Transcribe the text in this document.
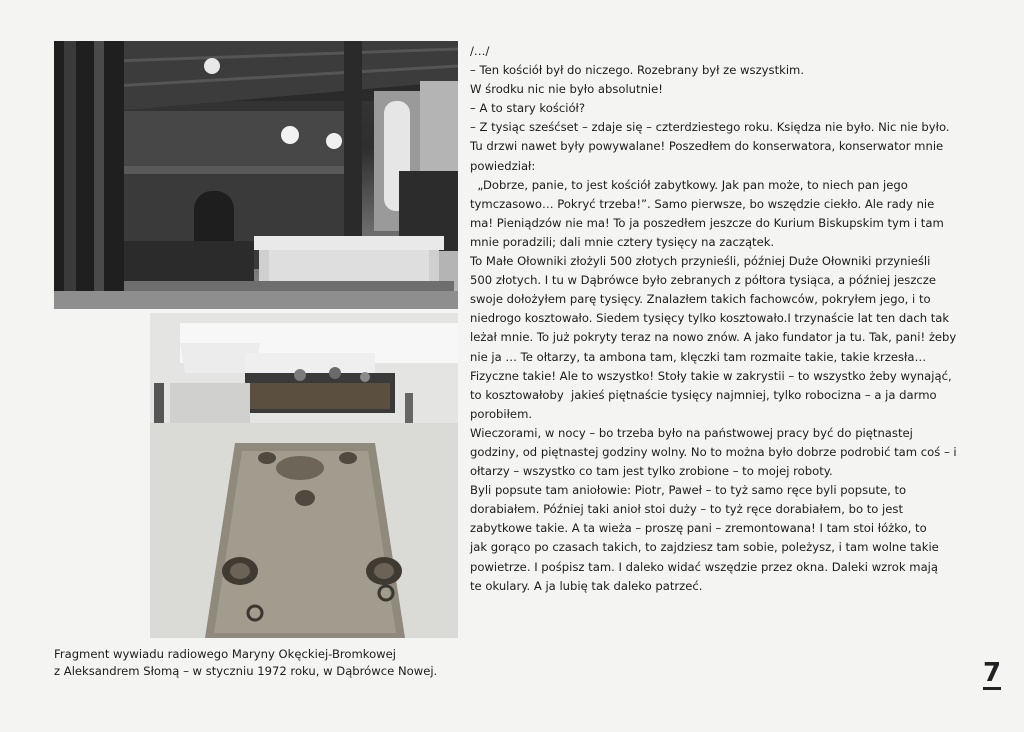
Fragment wywiadu radiowego Maryny Okęckiej-Bromkowej
z Aleksandrem Słomą – w styczniu 1972 roku, w Dąbrówce Nowej.
/…/
– Ten kościół był do niczego. Rozebrany był ze wszystkim.
W środku nic nie było absolutnie!
– A to stary kościół?
– Z tysiąc sześćset – zdaje się – czterdziestego roku. Księdza nie było. Nic nie było.
Tu drzwi nawet były powywalane! Poszedłem do konserwatora, konserwator mnie
powiedział:
„Dobrze, panie, to jest kościół zabytkowy. Jak pan może, to niech pan jego
tymczasowo… Pokryć trzeba!”. Samo pierwsze, bo wszędzie ciekło. Ale rady nie
ma! Pieniądzów nie ma! To ja poszedłem jeszcze do Kurium Biskupskim tym i tam
mnie poradzili; dali mnie cztery tysięcy na zaczątek.
To Małe Ołowniki złożyli 500 złotych przynieśli, później Duże Ołowniki przynieśli
500 złotych. I tu w Dąbrówce było zebranych z półtora tysiąca, a później jeszcze
swoje dołożyłem parę tysięcy. Znalazłem takich fachowców, pokryłem jego, i to
niedrogo kosztowało. Siedem tysięcy tylko kosztowało.I trzynaście lat ten dach tak
leżał mnie. To już pokryty teraz na nowo znów. A jako fundator ja tu. Tak, pani! żeby
nie ja … Te ołtarzy, ta ambona tam, klęczki tam rozmaite takie, takie krzesła…
Fizyczne takie! Ale to wszystko! Stoły takie w zakrystii – to wszystko żeby wynająć,
to kosztowałoby  jakieś piętnaście tysięcy najmniej, tylko robocizna – a ja darmo
porobiłem.
Wieczorami, w nocy – bo trzeba było na państwowej pracy być do piętnastej
godziny, od piętnastej godziny wolny. No to można było dobrze podrobić tam coś – i
ołtarzy – wszystko co tam jest tylko zrobione – to mojej roboty.
Byli popsute tam aniołowie: Piotr, Paweł – to tyż samo ręce byli popsute, to
dorabiałem. Później taki anioł stoi duży – to tyż ręce dorabiałem, bo to jest
zabytkowe takie. A ta wieża – proszę pani – zremontowana! I tam stoi łóżko, to
jak gorąco po czasach takich, to zajdziesz tam sobie, poleżysz, i tam wolne takie
powietrze. I pośpisz tam. I daleko widać wszędzie przez okna. Daleki wzrok mają
te okulary. A ja lubię tak daleko patrzeć.
7
